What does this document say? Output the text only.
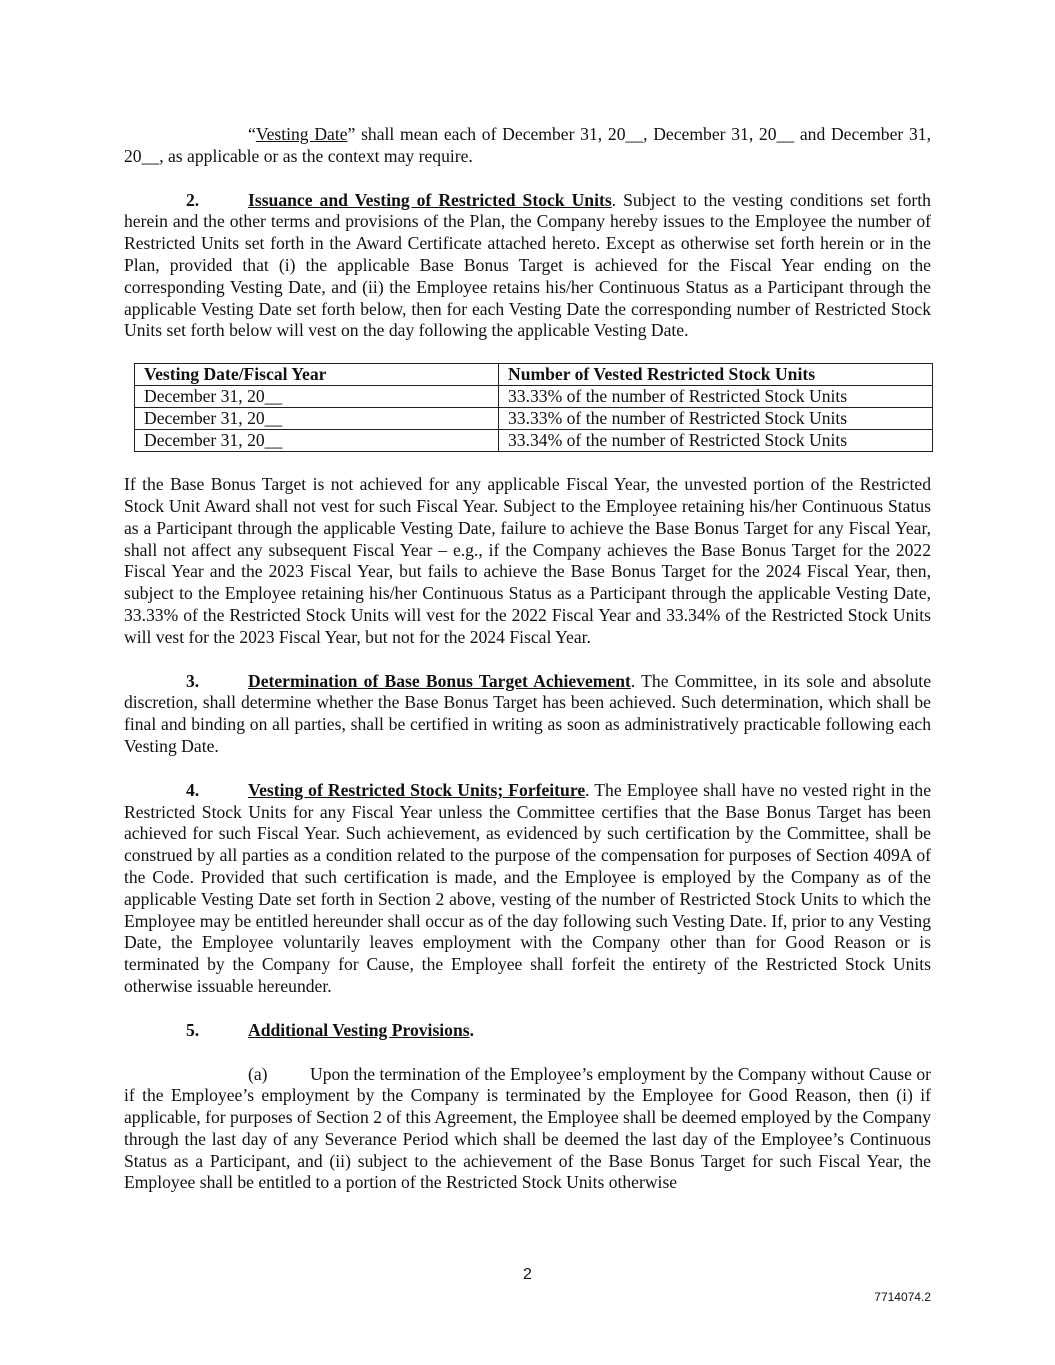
“Vesting Date” shall mean each of December 31, 20__, December 31, 20__ and December 31, 20__, as applicable or as the context may require.

2.	Issuance and Vesting of Restricted Stock Units. Subject to the vesting conditions set forth herein and the other terms and provisions of the Plan, the Company hereby issues to the Employee the number of Restricted Units set forth in the Award Certificate attached hereto. Except as otherwise set forth herein or in the Plan, provided that (i) the applicable Base Bonus Target is achieved for the Fiscal Year ending on the corresponding Vesting Date, and (ii) the Employee retains his/her Continuous Status as a Participant through the applicable Vesting Date set forth below, then for each Vesting Date the corresponding number of Restricted Stock Units set forth below will vest on the day following the applicable Vesting Date.

Vesting Date/Fiscal Year	Number of Vested Restricted Stock Units
December 31, 20__	33.33% of the number of Restricted Stock Units
December 31, 20__	33.33% of the number of Restricted Stock Units
December 31, 20__	33.34% of the number of Restricted Stock Units

If the Base Bonus Target is not achieved for any applicable Fiscal Year, the unvested portion of the Restricted Stock Unit Award shall not vest for such Fiscal Year. Subject to the Employee retaining his/her Continuous Status as a Participant through the applicable Vesting Date, failure to achieve the Base Bonus Target for any Fiscal Year, shall not affect any subsequent Fiscal Year – e.g., if the Company achieves the Base Bonus Target for the 2022 Fiscal Year and the 2023 Fiscal Year, but fails to achieve the Base Bonus Target for the 2024 Fiscal Year, then, subject to the Employee retaining his/her Continuous Status as a Participant through the applicable Vesting Date, 33.33% of the Restricted Stock Units will vest for the 2022 Fiscal Year and 33.34% of the Restricted Stock Units will vest for the 2023 Fiscal Year, but not for the 2024 Fiscal Year.

3.	Determination of Base Bonus Target Achievement. The Committee, in its sole and absolute discretion, shall determine whether the Base Bonus Target has been achieved. Such determination, which shall be final and binding on all parties, shall be certified in writing as soon as administratively practicable following each Vesting Date.

4.	Vesting of Restricted Stock Units; Forfeiture. The Employee shall have no vested right in the Restricted Stock Units for any Fiscal Year unless the Committee certifies that the Base Bonus Target has been achieved for such Fiscal Year. Such achievement, as evidenced by such certification by the Committee, shall be construed by all parties as a condition related to the purpose of the compensation for purposes of Section 409A of the Code. Provided that such certification is made, and the Employee is employed by the Company as of the applicable Vesting Date set forth in Section 2 above, vesting of the number of Restricted Stock Units to which the Employee may be entitled hereunder shall occur as of the day following such Vesting Date. If, prior to any Vesting Date, the Employee voluntarily leaves employment with the Company other than for Good Reason or is terminated by the Company for Cause, the Employee shall forfeit the entirety of the Restricted Stock Units otherwise issuable hereunder.

5.	Additional Vesting Provisions.

(a) Upon the termination of the Employee’s employment by the Company without Cause or if the Employee’s employment by the Company is terminated by the Employee for Good Reason, then (i) if applicable, for purposes of Section 2 of this Agreement, the Employee shall be deemed employed by the Company through the last day of any Severance Period which shall be deemed the last day of the Employee’s Continuous Status as a Participant, and (ii) subject to the achievement of the Base Bonus Target for such Fiscal Year, the Employee shall be entitled to a portion of the Restricted Stock Units otherwise

2
7714074.2
